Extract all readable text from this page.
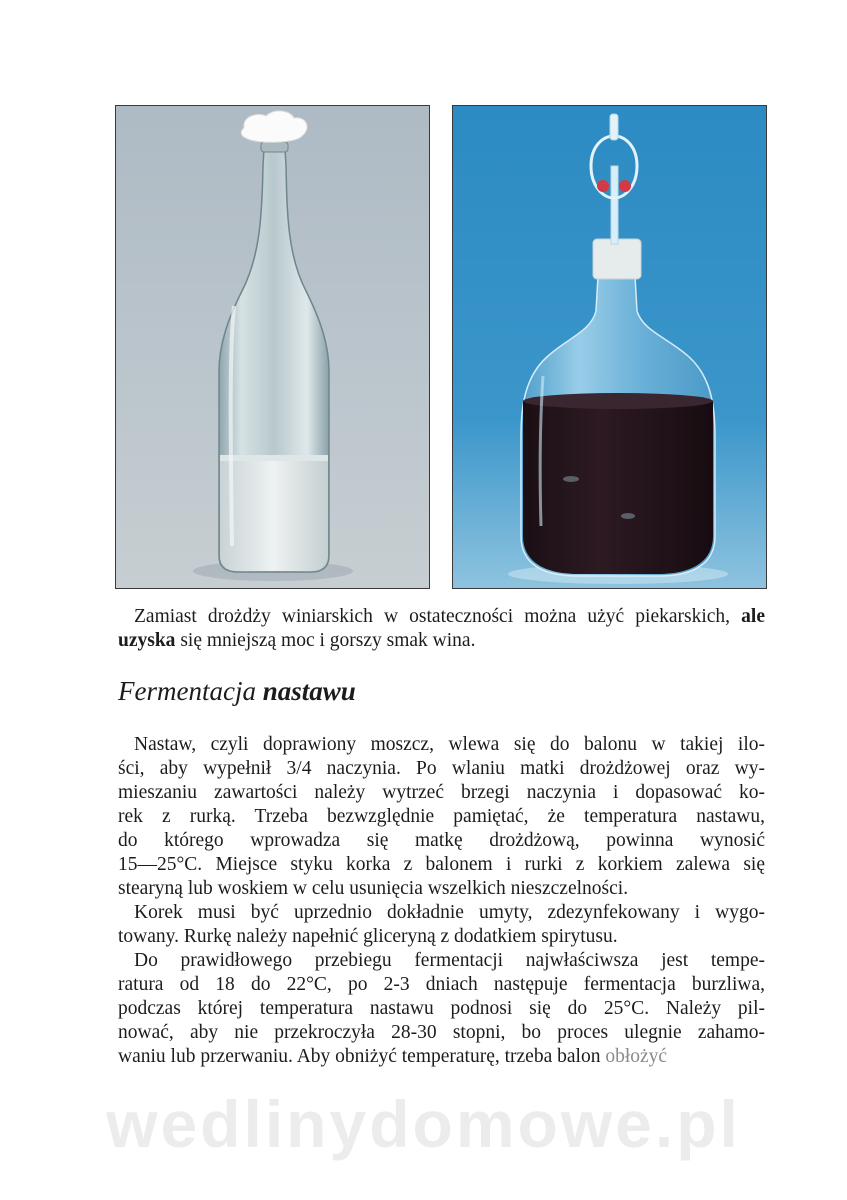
Zamiast drożdży winiarskich w ostateczności można użyć piekarskich, ale uzyska się mniejszą moc i gorszy smak wina.

Fermentacja nastawu
Nastaw, czyli doprawiony moszcz, wlewa się do balonu w takiej ilo-
ści, aby wypełnił 3/4 naczynia. Po wlaniu matki drożdżowej oraz wy-
mieszaniu zawartości należy wytrzeć brzegi naczynia i dopasować ko-
rek z rurką. Trzeba bezwzględnie pamiętać, że temperatura nastawu,
do którego wprowadza się matkę drożdżową, powinna wynosić
15—25°C. Miejsce styku korka z balonem i rurki z korkiem zalewa się
stearyną lub woskiem w celu usunięcia wszelkich nieszczelności.
Korek musi być uprzednio dokładnie umyty, zdezynfekowany i wygo-
towany. Rurkę należy napełnić gliceryną z dodatkiem spirytusu.
Do prawidłowego przebiegu fermentacji najwłaściwsza jest tempe-
ratura od 18 do 22°C, po 2-3 dniach następuje fermentacja burzliwa,
podczas której temperatura nastawu podnosi się do 25°C. Należy pil-
nować, aby nie przekroczyła 28-30 stopni, bo proces ulegnie zahamo-
waniu lub przerwaniu. Aby obniżyć temperaturę, trzeba balon obłożyć
wedlinydomowe.pl
